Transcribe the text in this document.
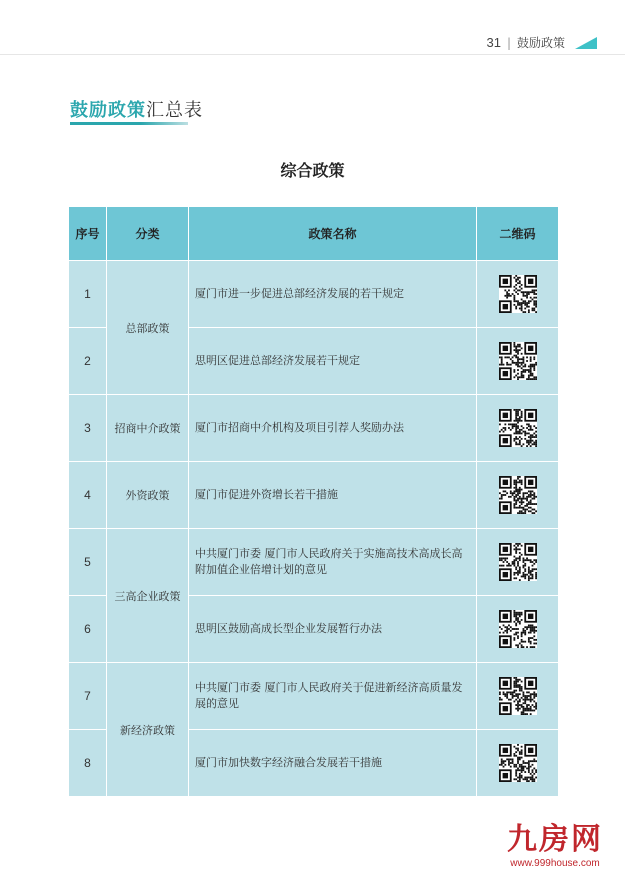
31 | 鼓励政策
鼓励政策汇总表
综合政策
序号	分类	政策名称	二维码
1	总部政策	厦门市进一步促进总部经济发展的若干规定	

2		思明区促进总部经济发展若干规定	

3	招商中介政策	厦门市招商中介机构及项目引荐人奖励办法	

4	外资政策	厦门市促进外资增长若干措施	

5	三高企业政策	中共厦门市委 厦门市人民政府关于实施高技术高成长高附加值企业倍增计划的意见	

6		思明区鼓励高成长型企业发展暂行办法	

7	新经济政策	中共厦门市委 厦门市人民政府关于促进新经济高质量发展的意见	

8		厦门市加快数字经济融合发展若干措施	
九房网
www.999house.com
